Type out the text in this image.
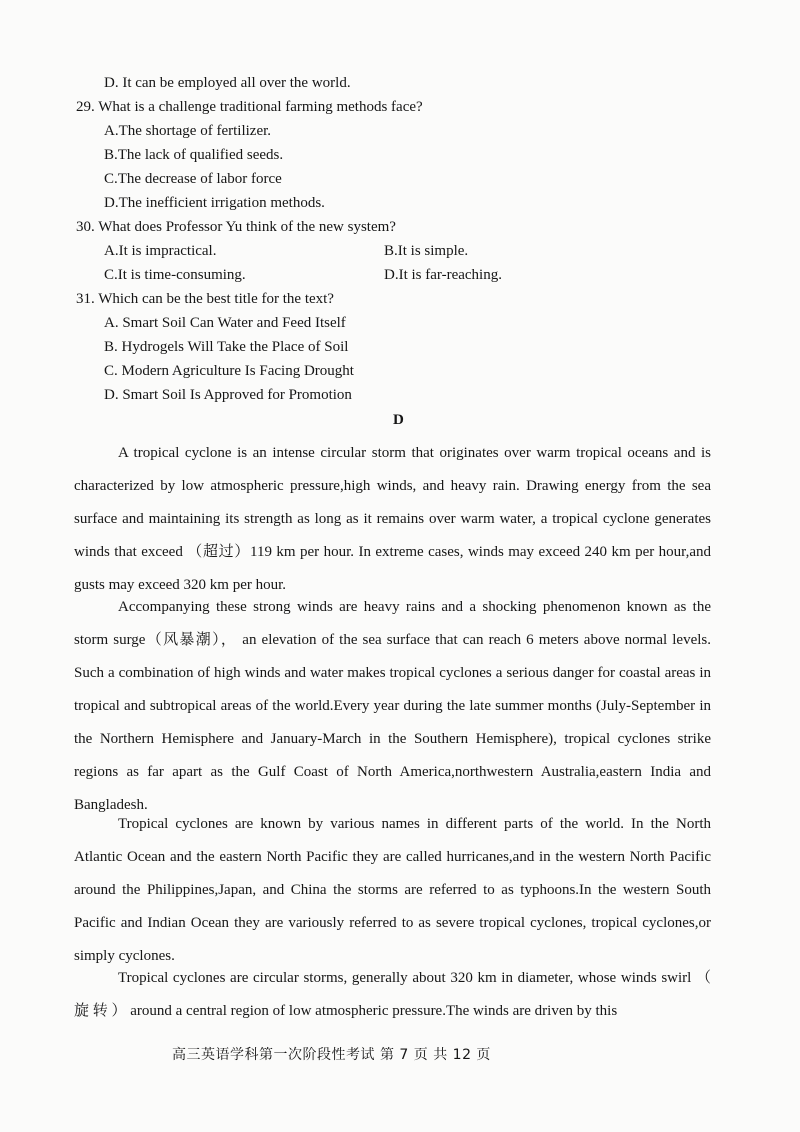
D. It can be employed all over the world.
29. What is a challenge traditional farming methods face?
A.The shortage of fertilizer.
B.The lack of qualified seeds.
C.The decrease of labor force
D.The inefficient irrigation methods.
30. What does Professor Yu think of the new system?
A.It is impractical.	B.It is simple.
C.It is time-consuming.	D.It is far-reaching.
31. Which can be the best title for the text?
A. Smart Soil Can Water and Feed Itself
B. Hydrogels Will Take the Place of Soil
C. Modern Agriculture Is Facing Drought
D. Smart Soil Is Approved for Promotion
D
A tropical cyclone is an intense circular storm that originates over warm tropical oceans and is characterized by low atmospheric pressure,high winds, and heavy rain. Drawing energy from the sea surface and maintaining its strength as long as it remains over warm water, a tropical cyclone generates winds that exceed （超过）119 km per hour. In extreme cases, winds may exceed 240 km per hour,and gusts may exceed 320 km per hour.
Accompanying these strong winds are heavy rains and a shocking phenomenon known as the storm surge（风暴潮）， an elevation of the sea surface that can reach 6 meters above normal levels. Such a combination of high winds and water makes tropical cyclones a serious danger for coastal areas in tropical and subtropical areas of the world.Every year during the late summer months (July-September in the Northern Hemisphere and January-March in the Southern Hemisphere), tropical cyclones strike regions as far apart as the Gulf Coast of North America,northwestern Australia,eastern India and Bangladesh.
Tropical cyclones are known by various names in different parts of the world. In the North Atlantic Ocean and the eastern North Pacific they are called hurricanes,and in the western North Pacific around the Philippines,Japan, and China the storms are referred to as typhoons.In the western South Pacific and Indian Ocean they are variously referred to as severe tropical cyclones, tropical cyclones,or simply cyclones.
Tropical cyclones are circular storms, generally about 320 km in diameter, whose winds swirl （ 旋 转 ） around a central region of low atmospheric pressure.The winds are driven by this
高三英语学科第一次阶段性考试 第 7 页 共 12 页
